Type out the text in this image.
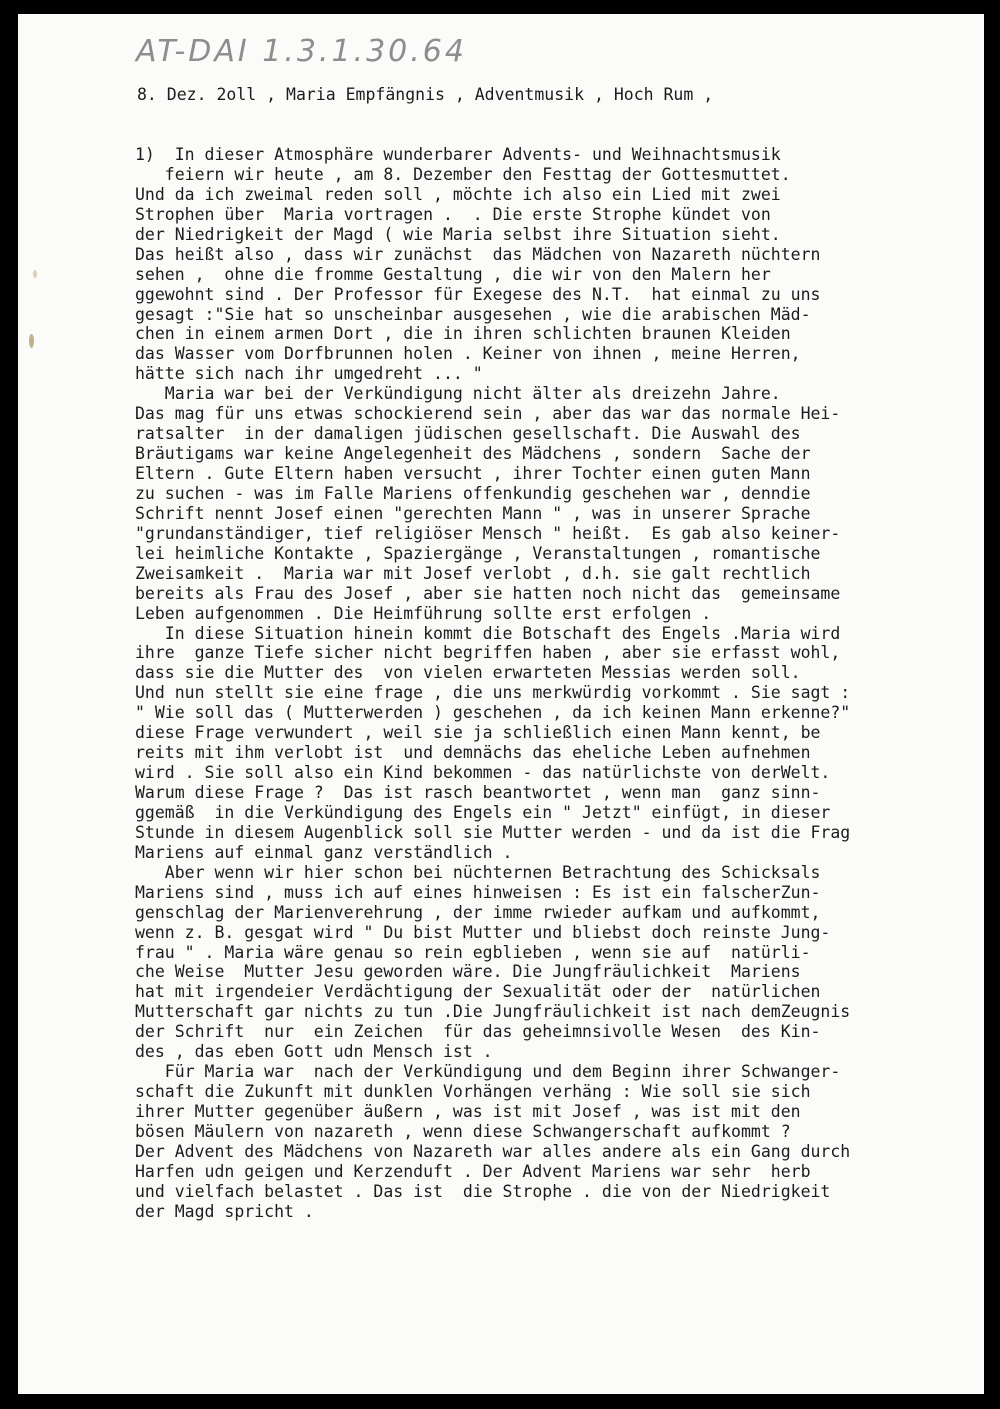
AT-DAI 1.3.1.30.64
8. Dez. 2oll , Maria Empfängnis , Adventmusik , Hoch Rum ,
1)  In dieser Atmosphäre wunderbarer Advents- und Weihnachtsmusik
feiern wir heute , am 8. Dezember den Festtag der Gottesmuttet.
Und da ich zweimal reden soll , möchte ich also ein Lied mit zwei
Strophen über  Maria vortragen .  . Die erste Strophe kündet von
der Niedrigkeit der Magd ( wie Maria selbst ihre Situation sieht.
Das heißt also , dass wir zunächst  das Mädchen von Nazareth nüchtern
sehen ,  ohne die fromme Gestaltung , die wir von den Malern her
ggewohnt sind . Der Professor für Exegese des N.T.  hat einmal zu uns
gesagt :"Sie hat so unscheinbar ausgesehen , wie die arabischen Mäd-
chen in einem armen Dort , die in ihren schlichten braunen Kleiden
das Wasser vom Dorfbrunnen holen . Keiner von ihnen , meine Herren,
hätte sich nach ihr umgedreht ... "
Maria war bei der Verkündigung nicht älter als dreizehn Jahre.
Das mag für uns etwas schockierend sein , aber das war das normale Hei-
ratsalter  in der damaligen jüdischen gesellschaft. Die Auswahl des
Bräutigams war keine Angelegenheit des Mädchens , sondern  Sache der
Eltern . Gute Eltern haben versucht , ihrer Tochter einen guten Mann
zu suchen - was im Falle Mariens offenkundig geschehen war , denndie
Schrift nennt Josef einen "gerechten Mann " , was in unserer Sprache
"grundanständiger, tief religiöser Mensch " heißt.  Es gab also keiner-
lei heimliche Kontakte , Spaziergänge , Veranstaltungen , romantische
Zweisamkeit .  Maria war mit Josef verlobt , d.h. sie galt rechtlich
bereits als Frau des Josef , aber sie hatten noch nicht das  gemeinsame
Leben aufgenommen . Die Heimführung sollte erst erfolgen .
In diese Situation hinein kommt die Botschaft des Engels .Maria wird
ihre  ganze Tiefe sicher nicht begriffen haben , aber sie erfasst wohl,
dass sie die Mutter des  von vielen erwarteten Messias werden soll.
Und nun stellt sie eine frage , die uns merkwürdig vorkommt . Sie sagt :
" Wie soll das ( Mutterwerden ) geschehen , da ich keinen Mann erkenne?"
diese Frage verwundert , weil sie ja schließlich einen Mann kennt, be
reits mit ihm verlobt ist  und demnächs das eheliche Leben aufnehmen
wird . Sie soll also ein Kind bekommen - das natürlichste von derWelt.
Warum diese Frage ?  Das ist rasch beantwortet , wenn man  ganz sinn-
ggemäß  in die Verkündigung des Engels ein " Jetzt" einfügt, in dieser
Stunde in diesem Augenblick soll sie Mutter werden - und da ist die Frag
Mariens auf einmal ganz verständlich .
Aber wenn wir hier schon bei nüchternen Betrachtung des Schicksals
Mariens sind , muss ich auf eines hinweisen : Es ist ein falscherZun-
genschlag der Marienverehrung , der imme rwieder aufkam und aufkommt,
wenn z. B. gesgat wird " Du bist Mutter und bliebst doch reinste Jung-
frau " . Maria wäre genau so rein egblieben , wenn sie auf  natürli-
che Weise  Mutter Jesu geworden wäre. Die Jungfräulichkeit  Mariens
hat mit irgendeier Verdächtigung der Sexualität oder der  natürlichen
Mutterschaft gar nichts zu tun .Die Jungfräulichkeit ist nach demZeugnis
der Schrift  nur  ein Zeichen  für das geheimnsivolle Wesen  des Kin-
des , das eben Gott udn Mensch ist .
Für Maria war  nach der Verkündigung und dem Beginn ihrer Schwanger-
schaft die Zukunft mit dunklen Vorhängen verhäng : Wie soll sie sich
ihrer Mutter gegenüber äußern , was ist mit Josef , was ist mit den
bösen Mäulern von nazareth , wenn diese Schwangerschaft aufkommt ?
Der Advent des Mädchens von Nazareth war alles andere als ein Gang durch
Harfen udn geigen und Kerzenduft . Der Advent Mariens war sehr  herb
und vielfach belastet . Das ist  die Strophe . die von der Niedrigkeit
der Magd spricht .
